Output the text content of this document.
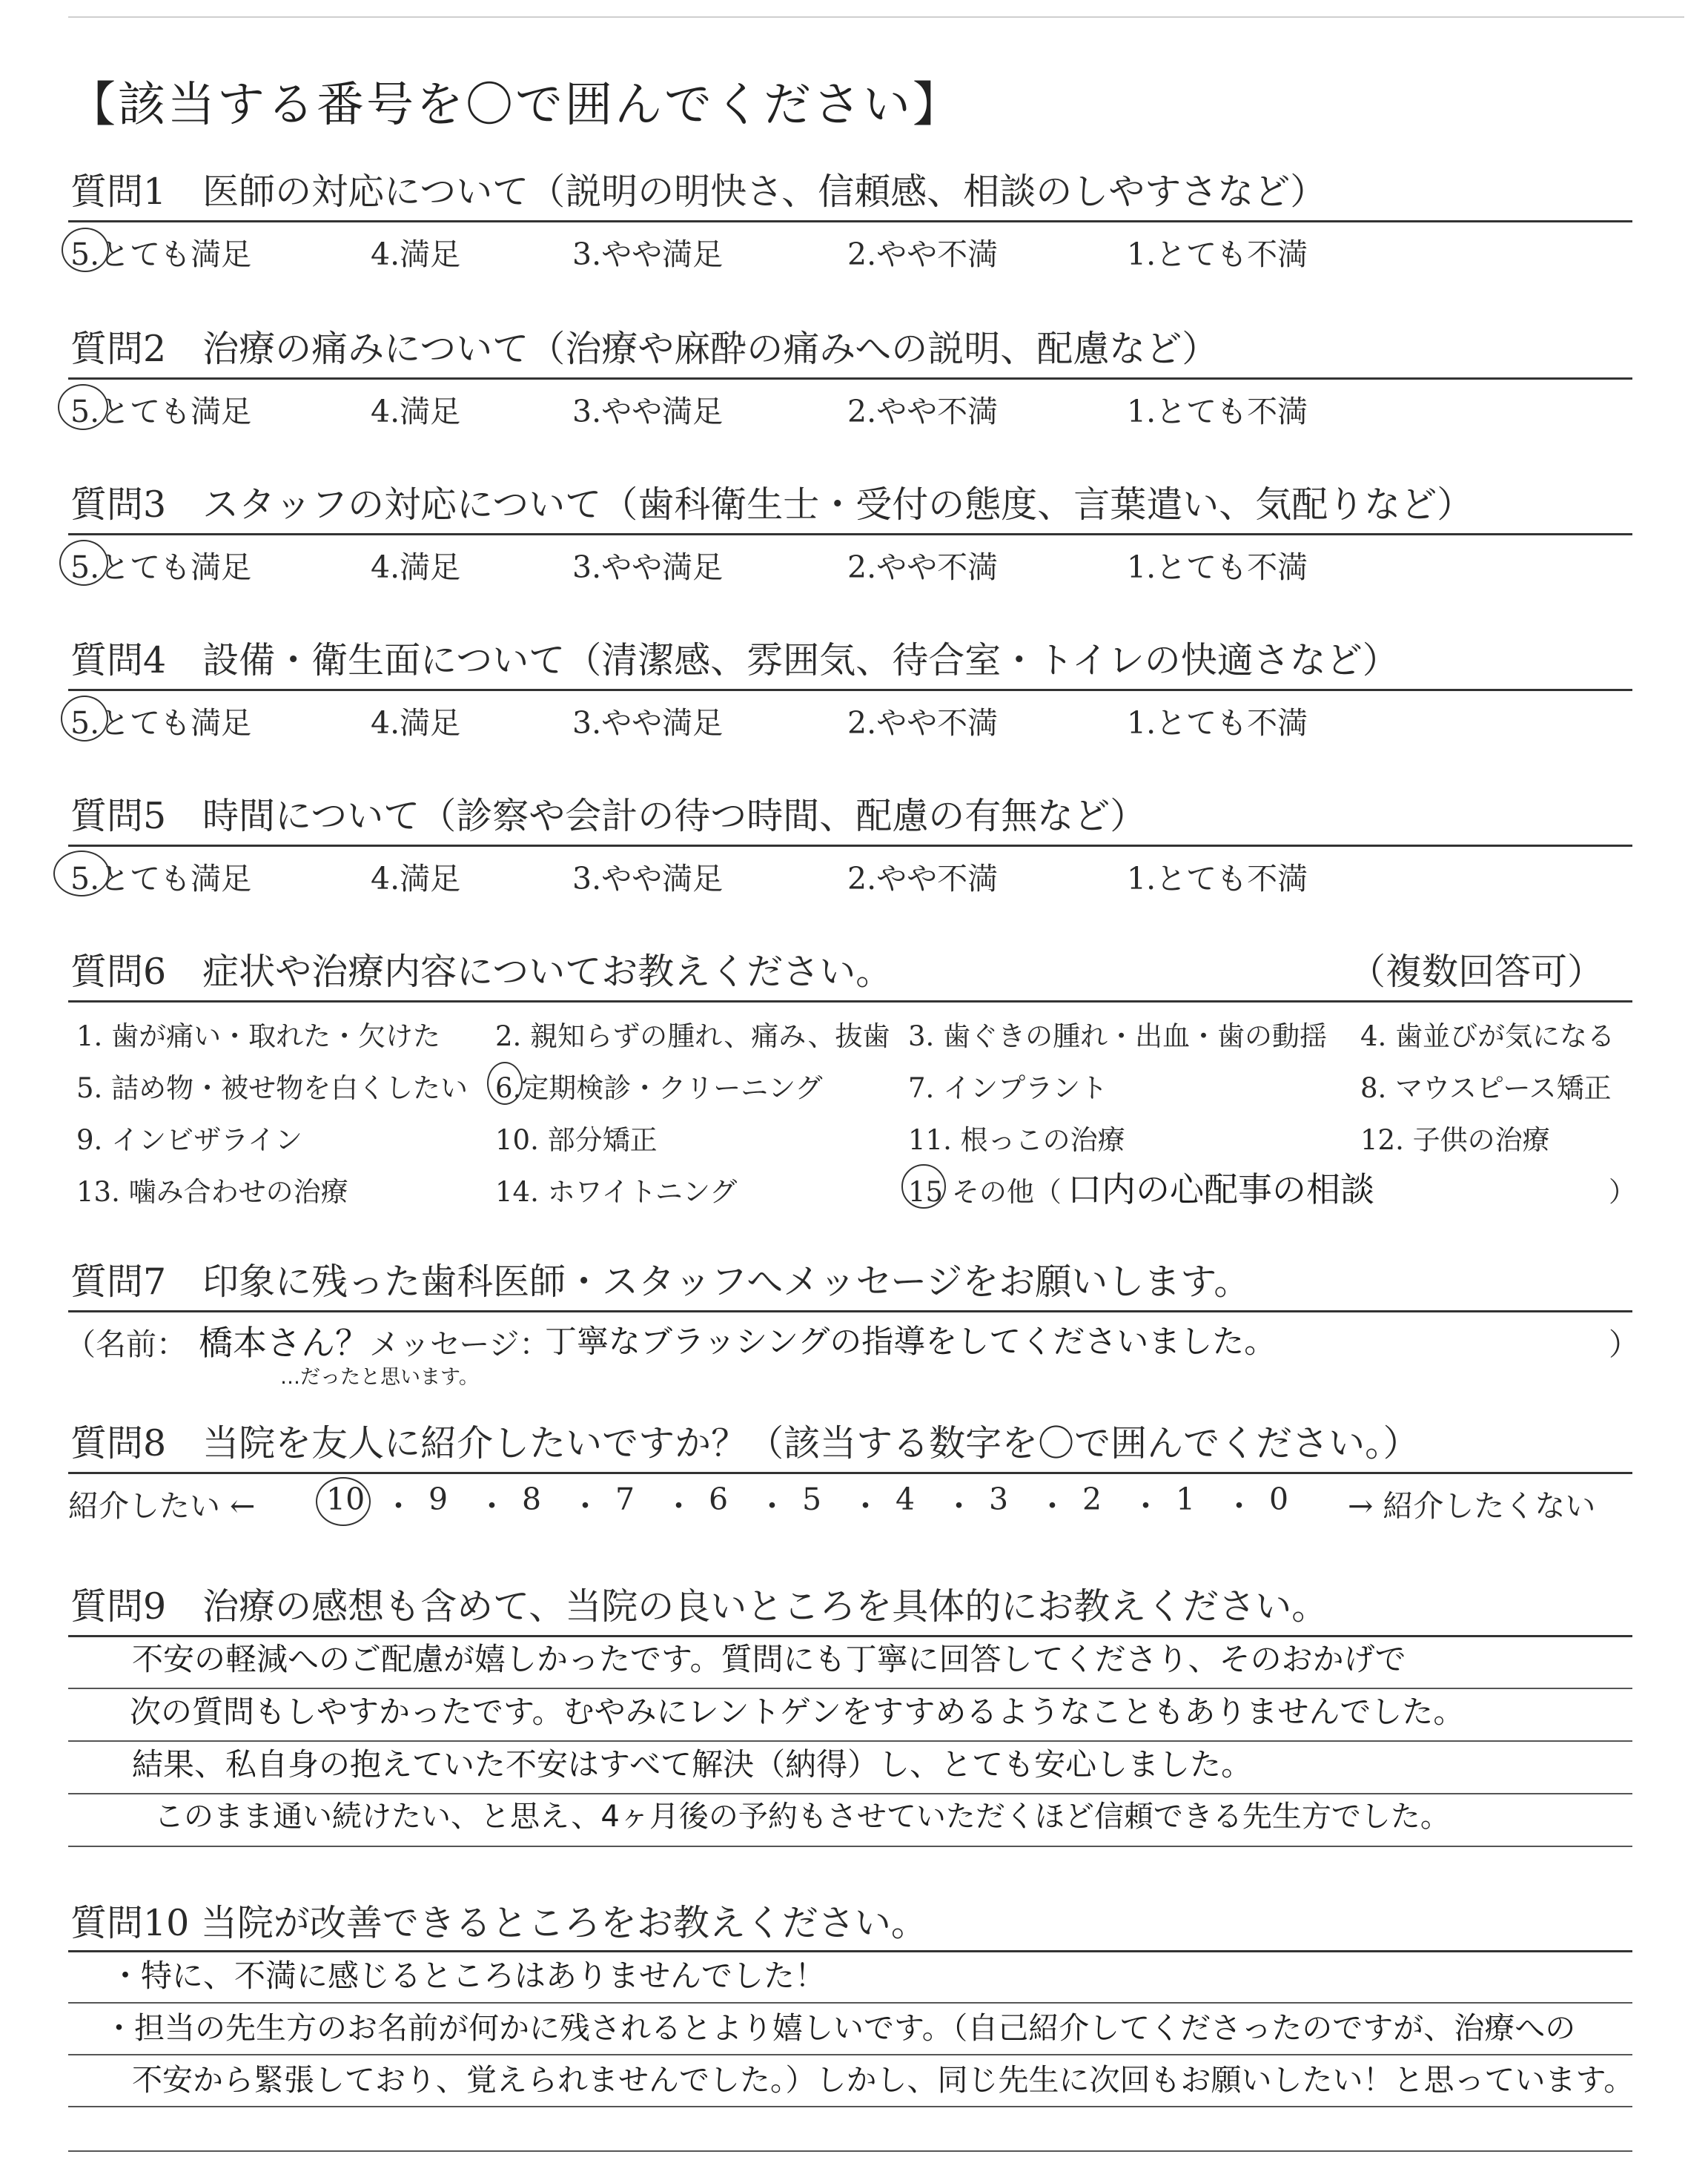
【該当する番号を〇で囲んでください】
質問1　医師の対応について（説明の明快さ、信頼感、相談のしやすさなど）
5.とても満足	4.満足	3.やや満足	2.やや不満	1.とても不満
質問2　治療の痛みについて（治療や麻酔の痛みへの説明、配慮など）
5.とても満足	4.満足	3.やや満足	2.やや不満	1.とても不満
質問3　スタッフの対応について（歯科衛生士・受付の態度、言葉遣い、気配りなど）
5.とても満足	4.満足	3.やや満足	2.やや不満	1.とても不満
質問4　設備・衛生面について（清潔感、雰囲気、待合室・トイレの快適さなど）
5.とても満足	4.満足	3.やや満足	2.やや不満	1.とても不満
質問5　時間について（診察や会計の待つ時間、配慮の有無など）
5.とても満足	4.満足	3.やや満足	2.やや不満	1.とても不満
質問6　症状や治療内容についてお教えください。	（複数回答可）
1. 歯が痛い・取れた・欠けた 2. 親知らずの腫れ、痛み、抜歯 3. 歯ぐきの腫れ・出血・歯の動揺 4. 歯並びが気になる
5. 詰め物・被せ物を白くしたい 6.定期検診・クリーニング	7. インプラント	8. マウスピース矯正
9. インビザライン	10. 部分矯正	11. 根っこの治療	12. 子供の治療
13. 噛み合わせの治療	14. ホワイトニング	15 その他（ 口内の心配事の相談	）
質問7　印象に残った歯科医師・スタッフへメッセージをお願いします。
（名前： 橋本さん？ メッセージ：
丁寧なブラッシングの指導をしてくださいました。	）
…だったと思います。
質問8　当院を友人に紹介したいですか？（該当する数字を〇で囲んでください。）
紹介したい ←	→ 紹介したくない
10 ・ 9 ・ 8 ・ 7 ・ 6 ・ 5 ・ 4 ・ 3 ・ 2 ・ 1 ・ 0
質問9　治療の感想も含めて、当院の良いところを具体的にお教えください。
不安の軽減へのご配慮が嬉しかったです。質問にも丁寧に回答してくださり、そのおかげで
次の質問もしやすかったです。むやみにレントゲンをすすめるようなこともありませんでした。
結果、私自身の抱えていた不安はすべて解決（納得）し、とても安心しました。
このまま通い続けたい、と思え、4ヶ月後の予約もさせていただくほど信頼できる先生方でした。
質問10 当院が改善できるところをお教えください。
・特に、不満に感じるところはありませんでした！
・担当の先生方のお名前が何かに残されるとより嬉しいです。（自己紹介してくださったのですが、治療への
不安から緊張しており、覚えられませんでした。）しかし、同じ先生に次回もお願いしたい！と思っています。
